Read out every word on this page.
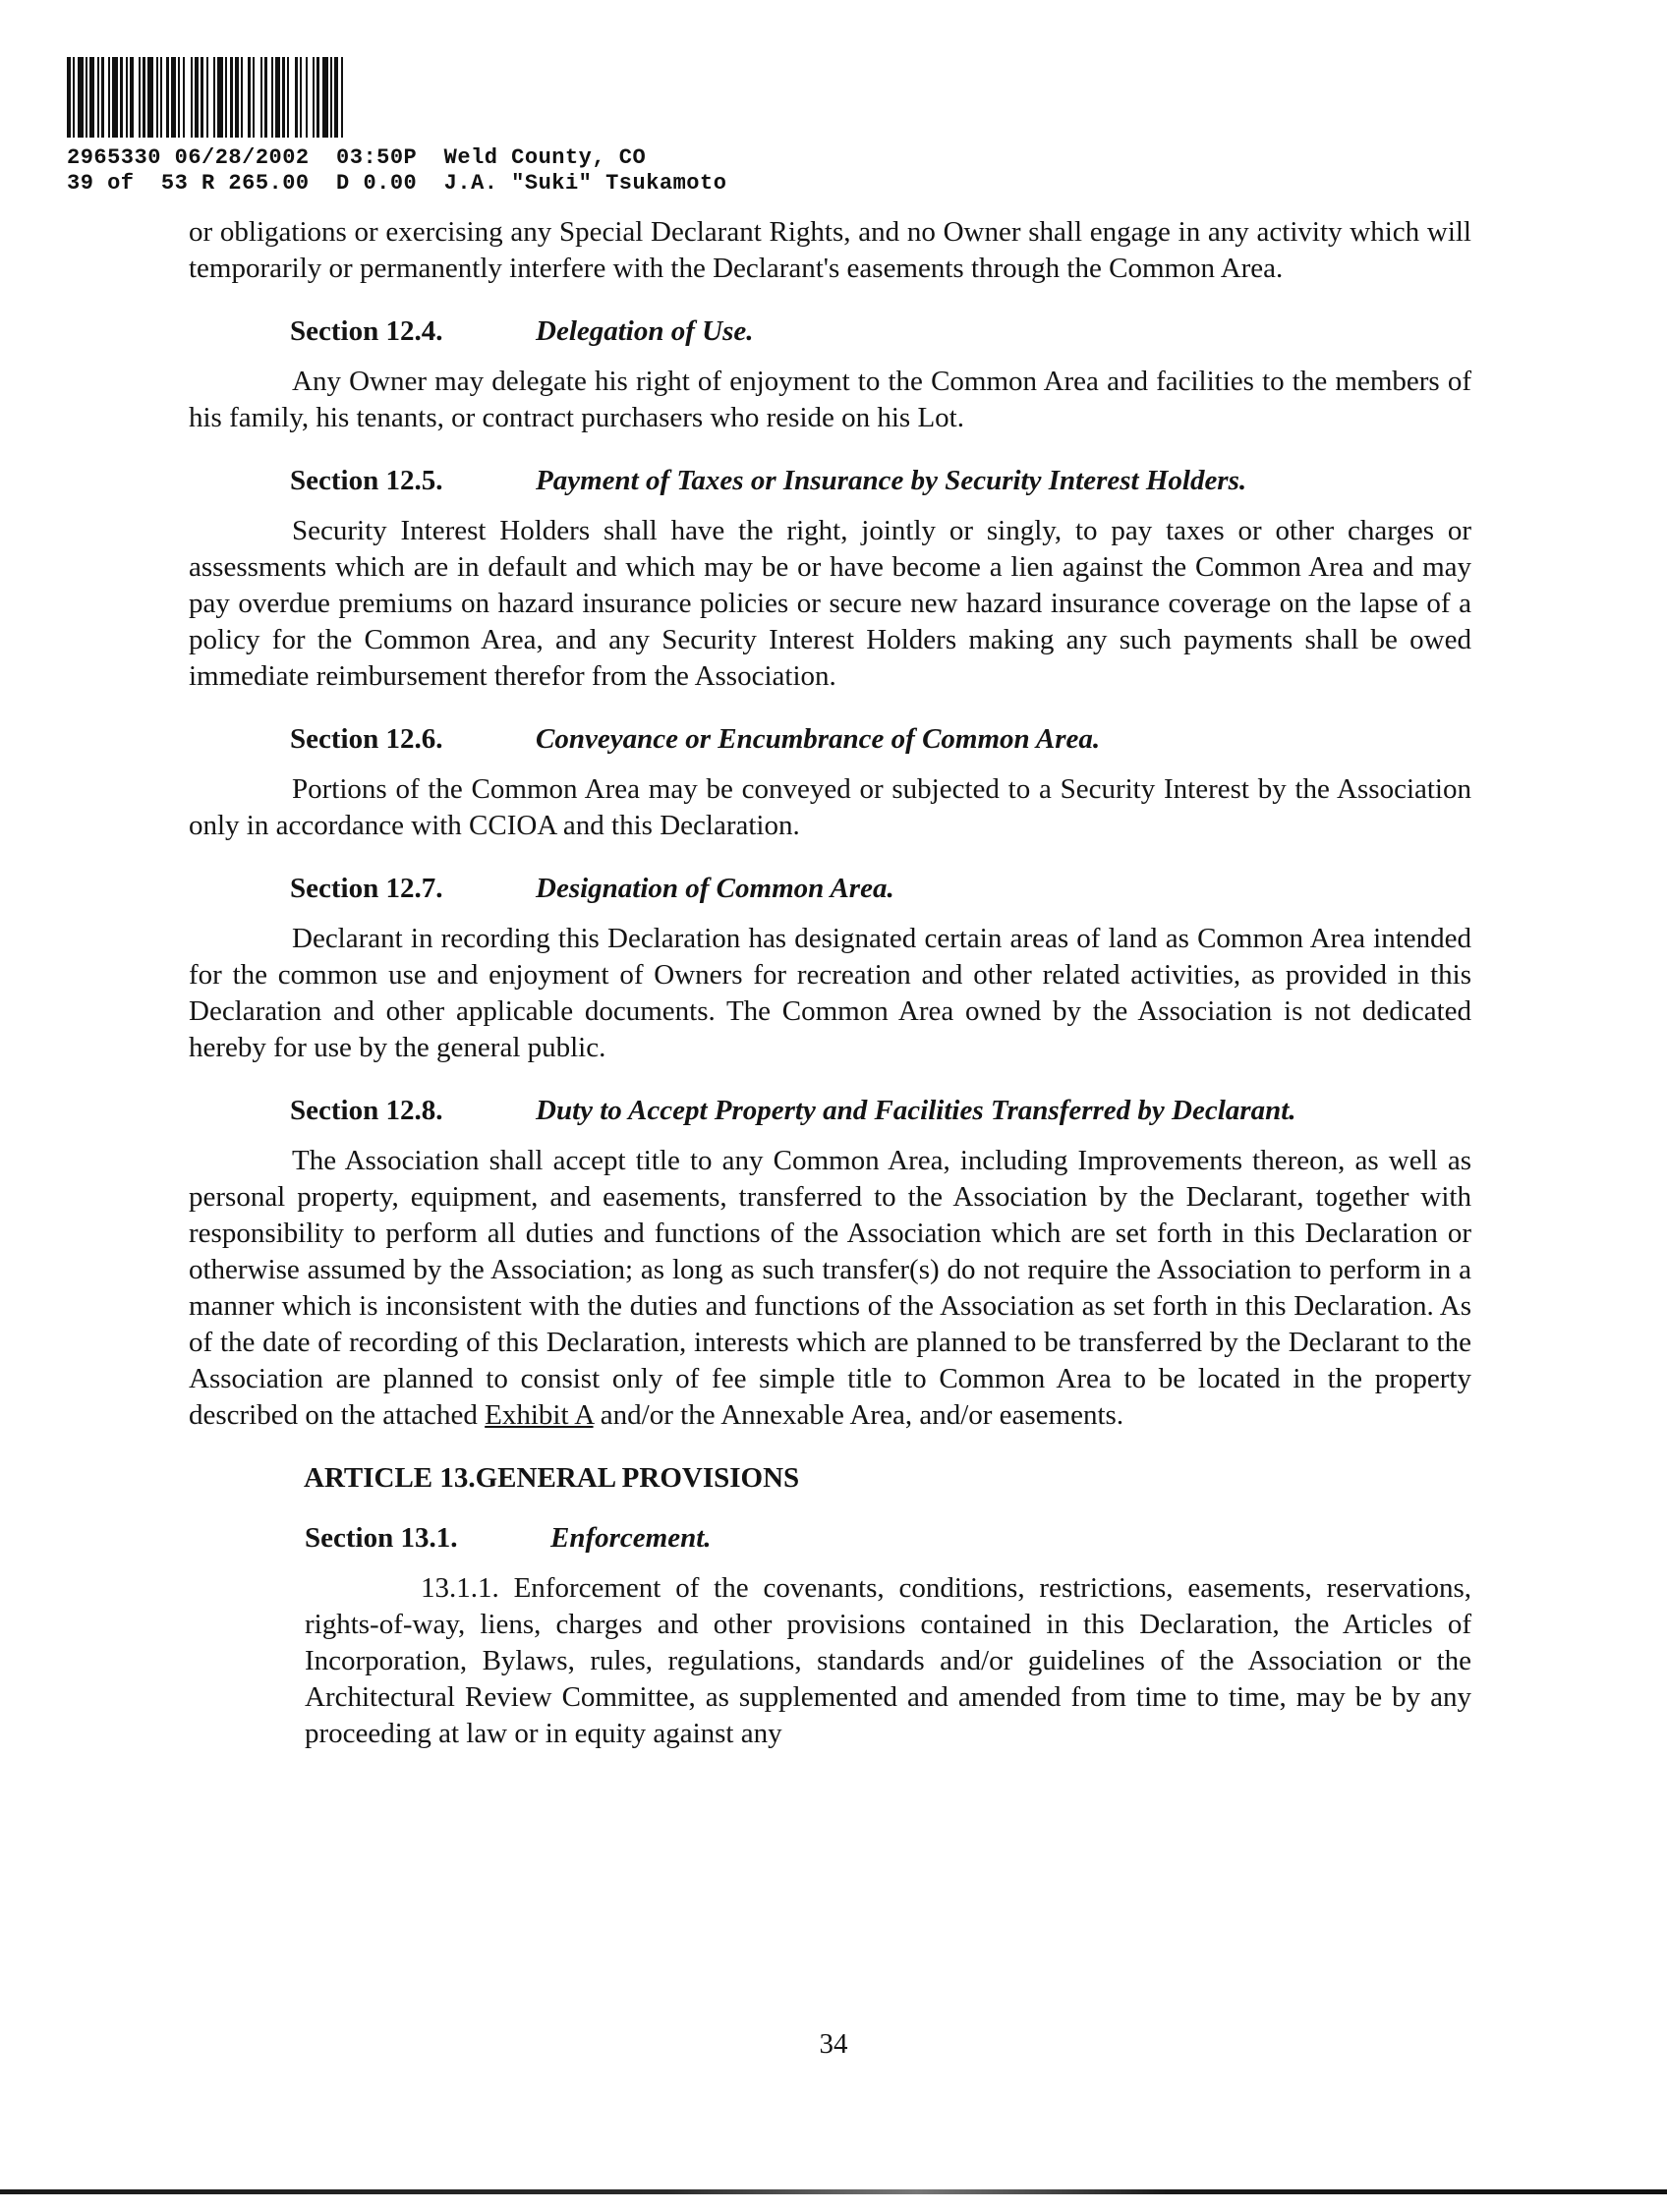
2965330 06/28/2002  03:50P  Weld County, CO
39 of  53 R 265.00  D 0.00  J.A. "Suki" Tsukamoto

or obligations or exercising any Special Declarant Rights, and no Owner shall engage in any activity which will temporarily or permanently interfere with the Declarant's easements through the Common Area.

Section 12.4.	Delegation of Use.

Any Owner may delegate his right of enjoyment to the Common Area and facilities to the members of his family, his tenants, or contract purchasers who reside on his Lot.

Section 12.5.	Payment of Taxes or Insurance by Security Interest Holders.

Security Interest Holders shall have the right, jointly or singly, to pay taxes or other charges or assessments which are in default and which may be or have become a lien against the Common Area and may pay overdue premiums on hazard insurance policies or secure new hazard insurance coverage on the lapse of a policy for the Common Area, and any Security Interest Holders making any such payments shall be owed immediate reimbursement therefor from the Association.

Section 12.6.	Conveyance or Encumbrance of Common Area.

Portions of the Common Area may be conveyed or subjected to a Security Interest by the Association only in accordance with CCIOA and this Declaration.

Section 12.7.	Designation of Common Area.

Declarant in recording this Declaration has designated certain areas of land as Common Area intended for the common use and enjoyment of Owners for recreation and other related activities, as provided in this Declaration and other applicable documents. The Common Area owned by the Association is not dedicated hereby for use by the general public.

Section 12.8.	Duty to Accept Property and Facilities Transferred by Declarant.

The Association shall accept title to any Common Area, including Improvements thereon, as well as personal property, equipment, and easements, transferred to the Association by the Declarant, together with responsibility to perform all duties and functions of the Association which are set forth in this Declaration or otherwise assumed by the Association; as long as such transfer(s) do not require the Association to perform in a manner which is inconsistent with the duties and functions of the Association as set forth in this Declaration. As of the date of recording of this Declaration, interests which are planned to be transferred by the Declarant to the Association are planned to consist only of fee simple title to Common Area to be located in the property described on the attached Exhibit A and/or the Annexable Area, and/or easements.

ARTICLE 13.GENERAL PROVISIONS
Section 13.1.	Enforcement.

13.1.1. Enforcement of the covenants, conditions, restrictions, easements, reservations, rights-of-way, liens, charges and other provisions contained in this Declaration, the Articles of Incorporation, Bylaws, rules, regulations, standards and/or guidelines of the Association or the Architectural Review Committee, as supplemented and amended from time to time, may be by any proceeding at law or in equity against any

34
